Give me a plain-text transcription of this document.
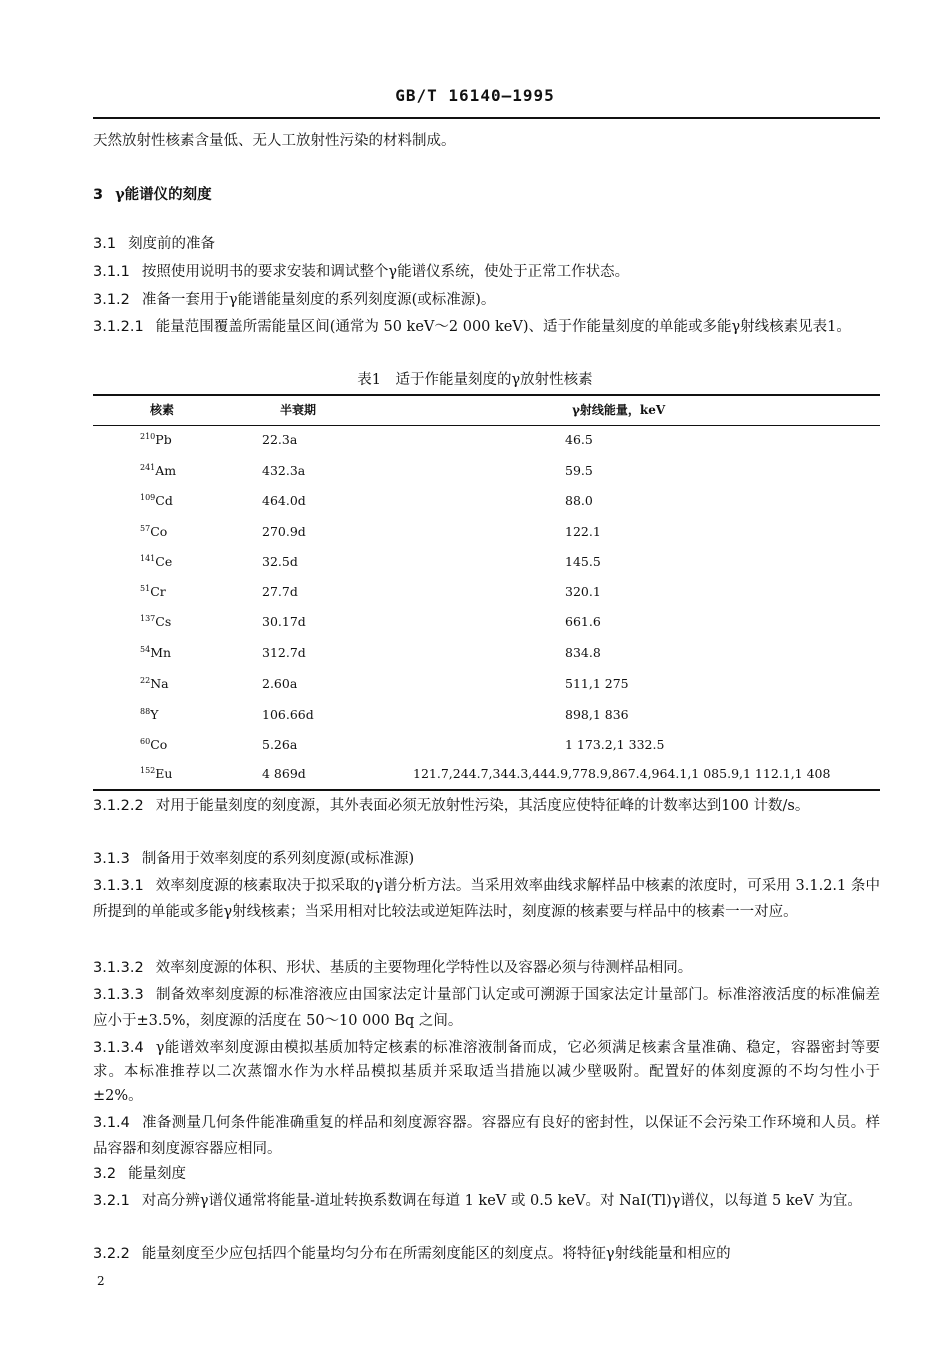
GB/T 16140—1995
天然放射性核素含量低、无人工放射性污染的材料制成。
3 γ能谱仪的刻度
3.1 刻度前的准备
3.1.1 按照使用说明书的要求安装和调试整个γ能谱仪系统，使处于正常工作状态。
3.1.2 准备一套用于γ能谱能量刻度的系列刻度源(或标准源)。
3.1.2.1 能量范围覆盖所需能量区间(通常为 50 keV～2 000 keV)、适于作能量刻度的单能或多能γ射线核素见表1。
表1　适于作能量刻度的γ放射性核素
核素	半衰期	γ射线能量，keV
$^{210}$Pb	22.3a	46.5
$^{241}$Am	432.3a	59.5
$^{109}$Cd	464.0d	88.0
$^{57}$Co	270.9d	122.1
$^{141}$Ce	32.5d	145.5
$^{51}$Cr	27.7d	320.1
$^{137}$Cs	30.17d	661.6
$^{54}$Mn	312.7d	834.8
$^{22}$Na	2.60a	511,1 275
$^{88}$Y	106.66d	898,1 836
$^{60}$Co	5.26a	1 173.2,1 332.5
$^{152}$Eu	4 869d	121.7,244.7,344.3,444.9,778.9,867.4,964.1,1 085.9,1 112.1,1 408
3.1.2.2 对用于能量刻度的刻度源，其外表面必须无放射性污染，其活度应使特征峰的计数率达到100 计数/s。
3.1.3 制备用于效率刻度的系列刻度源(或标准源)
3.1.3.1 效率刻度源的核素取决于拟采取的γ谱分析方法。当采用效率曲线求解样品中核素的浓度时，可采用 3.1.2.1 条中所提到的单能或多能γ射线核素；当采用相对比较法或逆矩阵法时，刻度源的核素要与样品中的核素一一对应。
3.1.3.2 效率刻度源的体积、形状、基质的主要物理化学特性以及容器必须与待测样品相同。
3.1.3.3 制备效率刻度源的标准溶液应由国家法定计量部门认定或可溯源于国家法定计量部门。标准溶液活度的标准偏差应小于±3.5%，刻度源的活度在 50～10 000 Bq 之间。
3.1.3.4 γ能谱效率刻度源由模拟基质加特定核素的标准溶液制备而成，它必须满足核素含量准确、稳定，容器密封等要求。本标准推荐以二次蒸馏水作为水样品模拟基质并采取适当措施以减少壁吸附。配置好的体刻度源的不均匀性小于±2%。
3.1.4 准备测量几何条件能准确重复的样品和刻度源容器。容器应有良好的密封性，以保证不会污染工作环境和人员。样品容器和刻度源容器应相同。
3.2 能量刻度
3.2.1 对高分辨γ谱仪通常将能量-道址转换系数调在每道 1 keV 或 0.5 keV。对 NaI(Tl)γ谱仪，以每道 5 keV 为宜。
3.2.2 能量刻度至少应包括四个能量均匀分布在所需刻度能区的刻度点。将特征γ射线能量和相应的
2
